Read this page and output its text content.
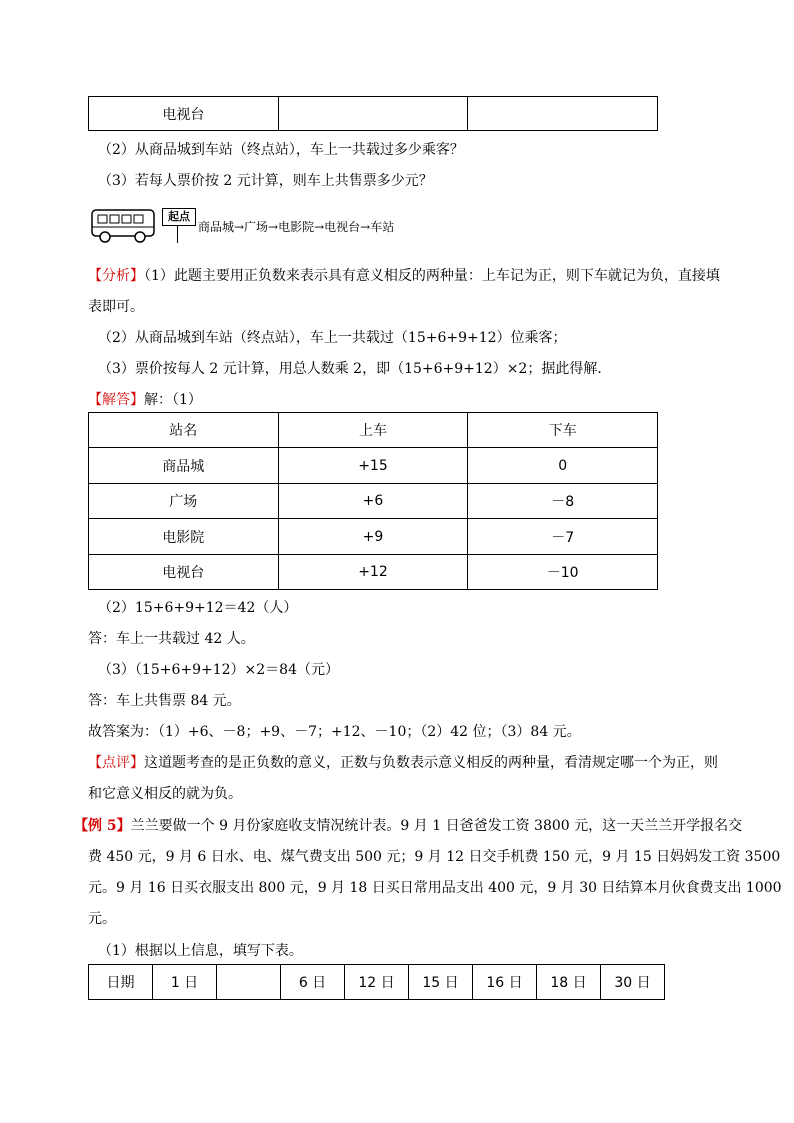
电视台		
（2）从商品城到车站（终点站），车上一共载过多少乘客？
（3）若每人票价按 2 元计算，则车上共售票多少元？
起点
商品城→广场→电影院→电视台→车站
【分析】（1）此题主要用正负数来表示具有意义相反的两种量：上车记为正，则下车就记为负，直接填
表即可。
（2）从商品城到车站（终点站），车上一共载过（15+6+9+12）位乘客；
（3）票价按每人 2 元计算，用总人数乘 2，即（15+6+9+12）×2；据此得解．
【解答】解：（1）
站名	上车	下车
商品城	+15	0
广场	+6	－8
电影院	+9	－7
电视台	+12	－10
（2）15+6+9+12＝42（人）
答：车上一共载过 42 人。
（3）（15+6+9+12）×2＝84（元）
答：车上共售票 84 元。
故答案为：（1）+6、－8；+9、－7；+12、－10；（2）42 位；（3）84 元。
【点评】这道题考查的是正负数的意义，正数与负数表示意义相反的两种量，看清规定哪一个为正，则
和它意义相反的就为负。
【例 5】兰兰要做一个 9 月份家庭收支情况统计表。9 月 1 日爸爸发工资 3800 元，这一天兰兰开学报名交
费 450 元，9 月 6 日水、电、煤气费支出 500 元；9 月 12 日交手机费 150 元，9 月 15 日妈妈发工资 3500
元。9 月 16 日买衣服支出 800 元，9 月 18 日买日常用品支出 400 元，9 月 30 日结算本月伙食费支出 1000
元。
（1）根据以上信息，填写下表。
日期	1 日		6 日	12 日	15 日	16 日	18 日	30 日
